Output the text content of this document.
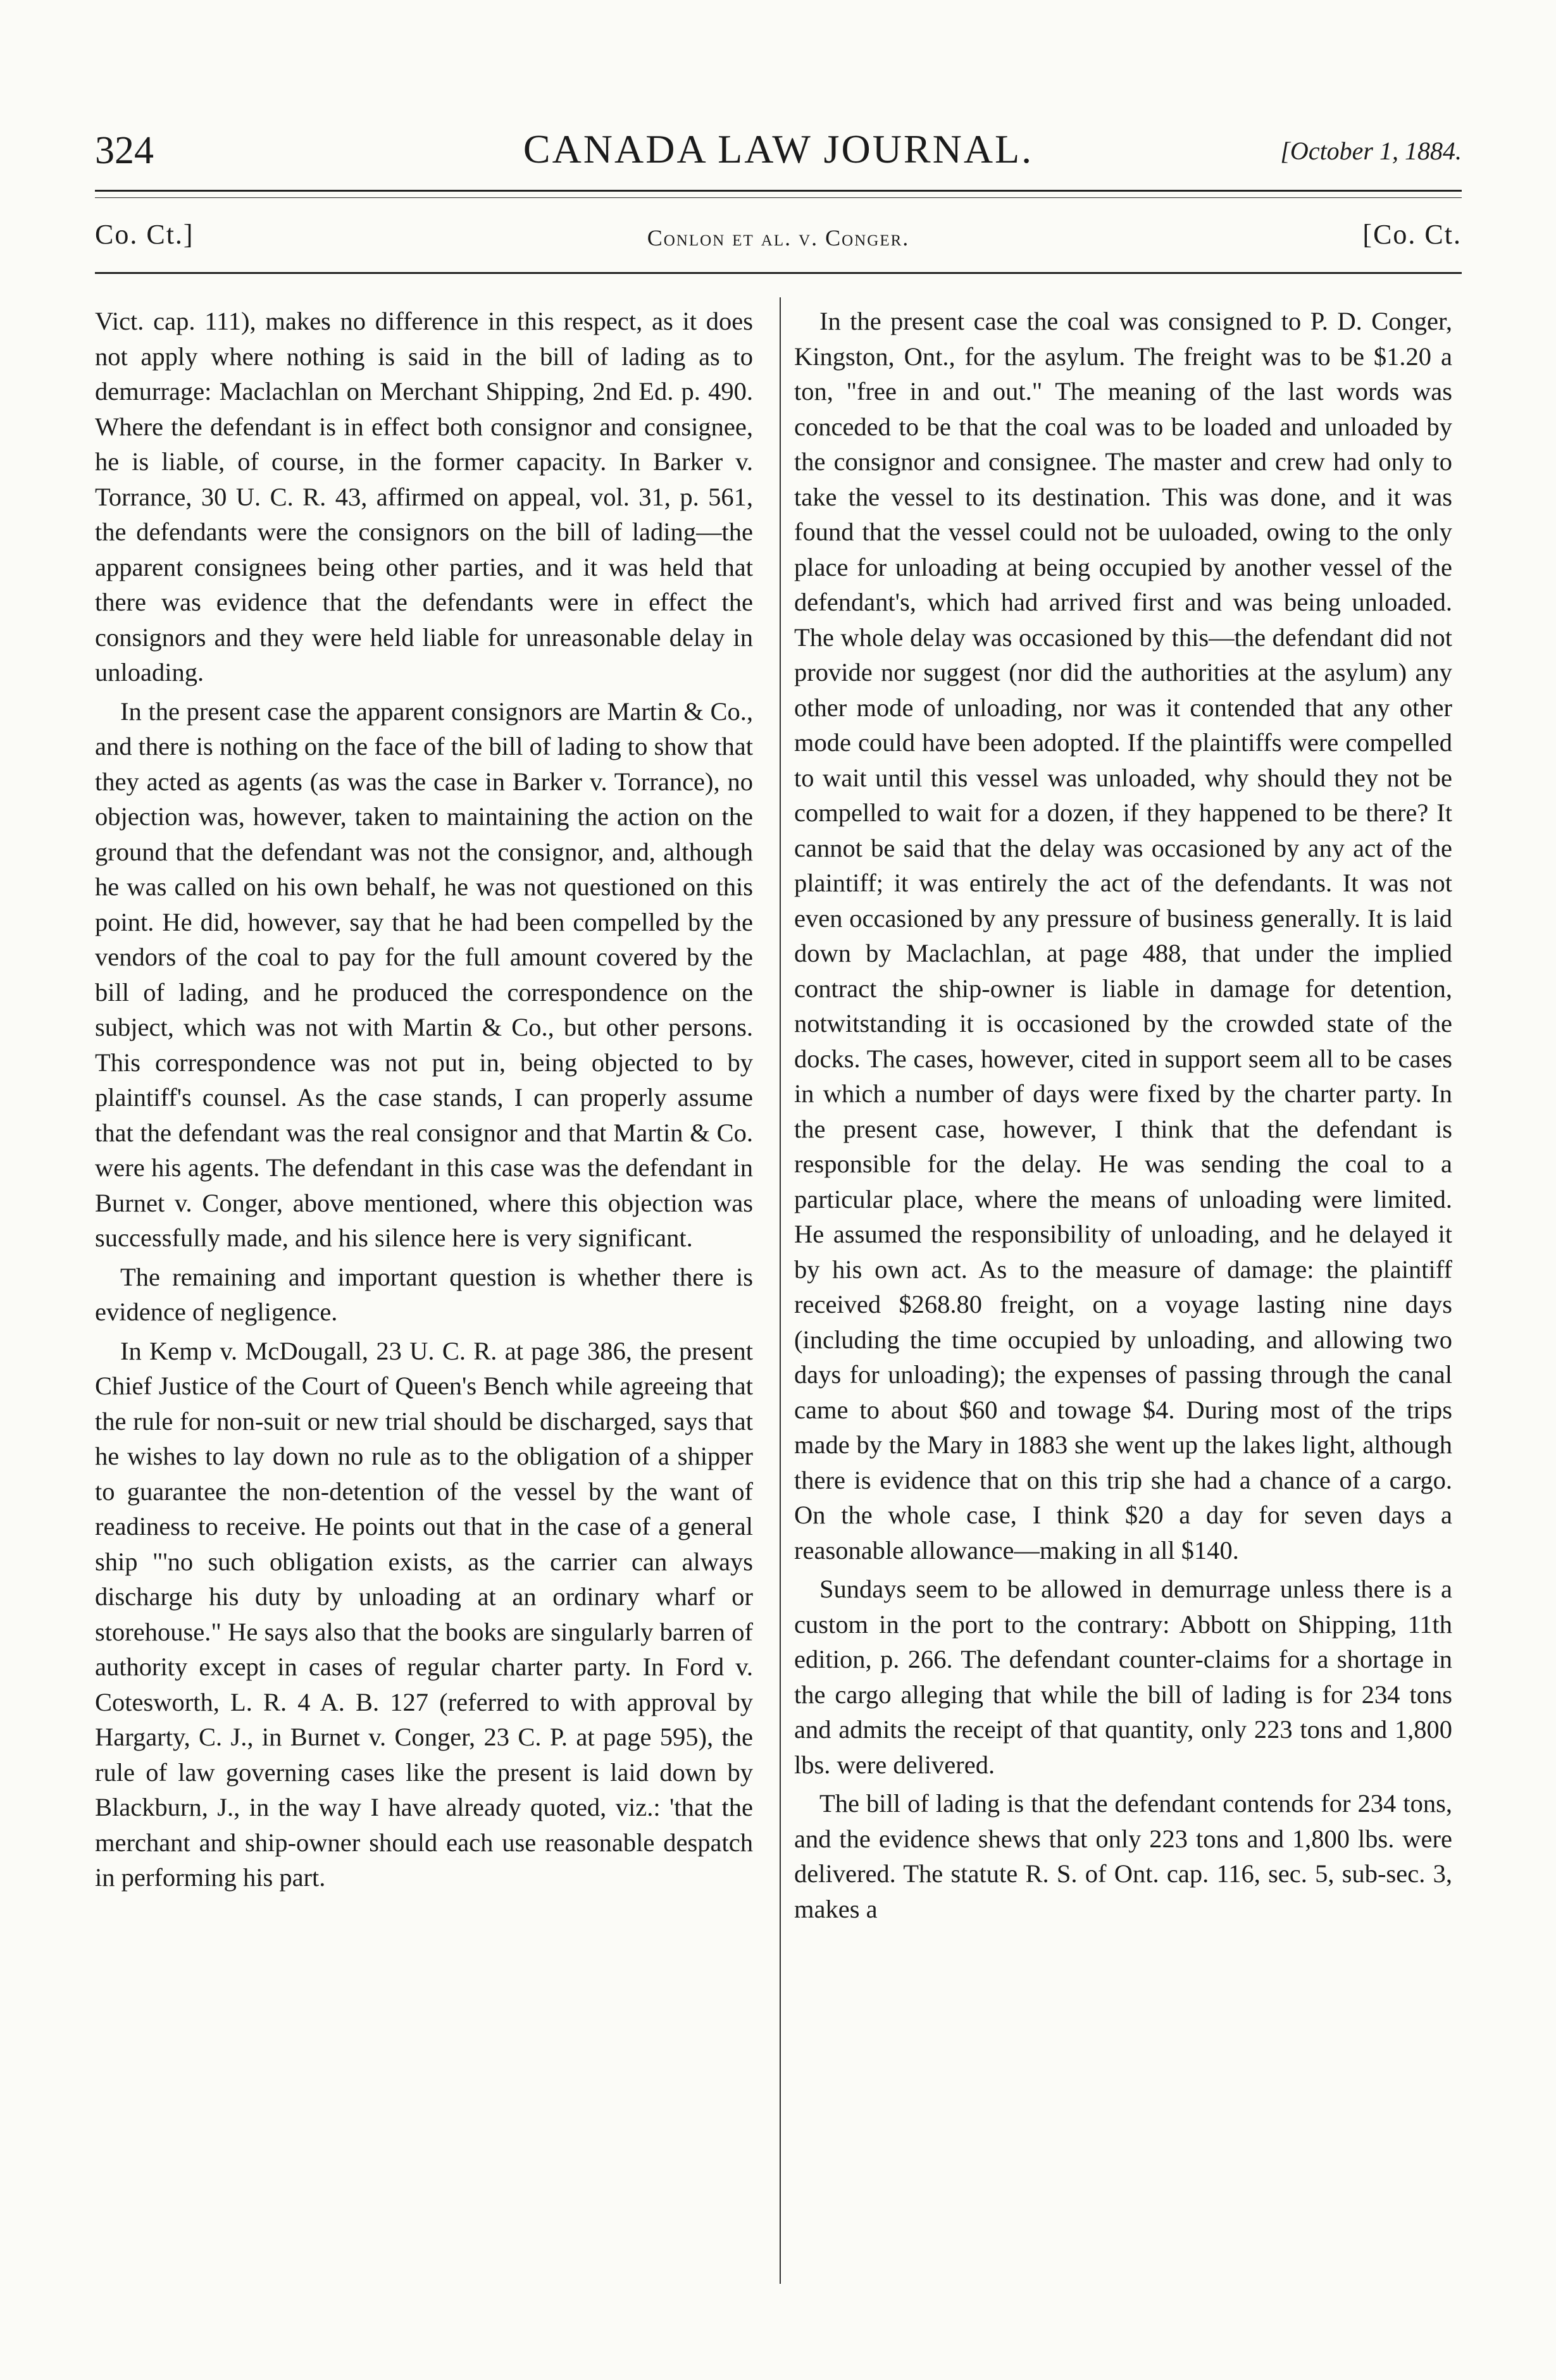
324	CANADA LAW JOURNAL.	[October 1, 1884.
Co. Ct.]	Conlon et al. v. Conger.	[Co. Ct.

Vict. cap. 111), makes no difference in this respect, as it does not apply where nothing is said in the bill of lading as to demurrage: Maclachlan on Merchant Shipping, 2nd Ed. p. 490. Where the defendant is in effect both consignor and consignee, he is liable, of course, in the former capacity. In Barker v. Torrance, 30 U. C. R. 43, affirmed on appeal, vol. 31, p. 561, the defendants were the consignors on the bill of lading—the apparent consignees being other parties, and it was held that there was evidence that the defendants were in effect the consignors and they were held liable for unreasonable delay in unloading.

In the present case the apparent consignors are Martin & Co., and there is nothing on the face of the bill of lading to show that they acted as agents (as was the case in Barker v. Torrance), no objection was, however, taken to maintaining the action on the ground that the defendant was not the consignor, and, although he was called on his own behalf, he was not questioned on this point. He did, however, say that he had been compelled by the vendors of the coal to pay for the full amount covered by the bill of lading, and he produced the correspondence on the subject, which was not with Martin & Co., but other persons. This correspondence was not put in, being objected to by plaintiff's counsel. As the case stands, I can properly assume that the defendant was the real consignor and that Martin & Co. were his agents. The defendant in this case was the defendant in Burnet v. Conger, above mentioned, where this objection was successfully made, and his silence here is very significant.

The remaining and important question is whether there is evidence of negligence.

In Kemp v. McDougall, 23 U. C. R. at page 386, the present Chief Justice of the Court of Queen's Bench while agreeing that the rule for non-suit or new trial should be discharged, says that he wishes to lay down no rule as to the obligation of a shipper to guarantee the non-detention of the vessel by the want of readiness to receive. He points out that in the case of a general ship "'no such obligation exists, as the carrier can always discharge his duty by unloading at an ordinary wharf or storehouse." He says also that the books are singularly barren of authority except in cases of regular charter party. In Ford v. Cotesworth, L. R. 4 A. B. 127 (referred to with approval by Hargarty, C. J., in Burnet v. Conger, 23 C. P. at page 595), the rule of law governing cases like the present is laid down by Blackburn, J., in the way I have already quoted, viz.: 'that the merchant and ship-owner should each use reasonable despatch in performing his part.

In the present case the coal was consigned to P. D. Conger, Kingston, Ont., for the asylum. The freight was to be $1.20 a ton, "free in and out." The meaning of the last words was conceded to be that the coal was to be loaded and unloaded by the consignor and consignee. The master and crew had only to take the vessel to its destination. This was done, and it was found that the vessel could not be uuloaded, owing to the only place for unloading at being occupied by another vessel of the defendant's, which had arrived first and was being unloaded. The whole delay was occasioned by this—the defendant did not provide nor suggest (nor did the authorities at the asylum) any other mode of unloading, nor was it contended that any other mode could have been adopted. If the plaintiffs were compelled to wait until this vessel was unloaded, why should they not be compelled to wait for a dozen, if they happened to be there? It cannot be said that the delay was occasioned by any act of the plaintiff; it was entirely the act of the defendants. It was not even occasioned by any pressure of business generally. It is laid down by Maclachlan, at page 488, that under the implied contract the ship-owner is liable in damage for detention, notwitstanding it is occasioned by the crowded state of the docks. The cases, however, cited in support seem all to be cases in which a number of days were fixed by the charter party. In the present case, however, I think that the defendant is responsible for the delay. He was sending the coal to a particular place, where the means of unloading were limited. He assumed the responsibility of unloading, and he delayed it by his own act. As to the measure of damage: the plaintiff received $268.80 freight, on a voyage lasting nine days (including the time occupied by unloading, and allowing two days for unloading); the expenses of passing through the canal came to about $60 and towage $4. During most of the trips made by the Mary in 1883 she went up the lakes light, although there is evidence that on this trip she had a chance of a cargo. On the whole case, I think $20 a day for seven days a reasonable allowance—making in all $140.

Sundays seem to be allowed in demurrage unless there is a custom in the port to the contrary: Abbott on Shipping, 11th edition, p. 266. The defendant counter-claims for a shortage in the cargo alleging that while the bill of lading is for 234 tons and admits the receipt of that quantity, only 223 tons and 1,800 lbs. were delivered.

The bill of lading is that the defendant contends for 234 tons, and the evidence shews that only 223 tons and 1,800 lbs. were delivered. The statute R. S. of Ont. cap. 116, sec. 5, sub-sec. 3, makes a
